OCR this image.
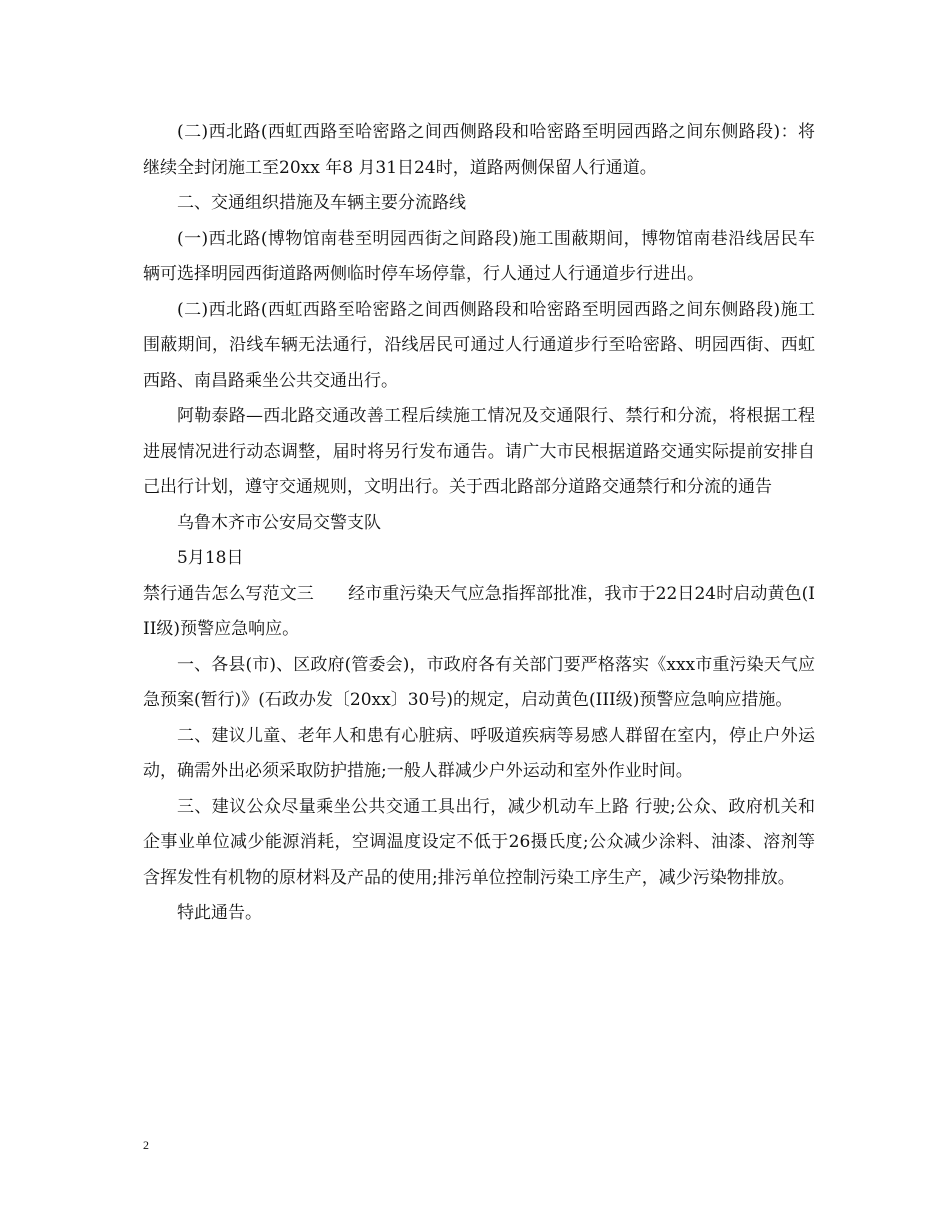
(二)西北路(西虹西路至哈密路之间西侧路段和哈密路至明园西路之间东侧路段)：将继续全封闭施工至20xx 年8 月31日24时，道路两侧保留人行通道。

二、交通组织措施及车辆主要分流路线

(一)西北路(博物馆南巷至明园西街之间路段)施工围蔽期间，博物馆南巷沿线居民车辆可选择明园西街道路两侧临时停车场停靠，行人通过人行通道步行进出。

(二)西北路(西虹西路至哈密路之间西侧路段和哈密路至明园西路之间东侧路段)施工围蔽期间，沿线车辆无法通行，沿线居民可通过人行通道步行至哈密路、明园西街、西虹西路、南昌路乘坐公共交通出行。

阿勒泰路—西北路交通改善工程后续施工情况及交通限行、禁行和分流，将根据工程进展情况进行动态调整，届时将另行发布通告。请广大市民根据道路交通实际提前安排自己出行计划，遵守交通规则，文明出行。关于西北路部分道路交通禁行和分流的通告

乌鲁木齐市公安局交警支队

5月18日

禁行通告怎么写范文三　　经市重污染天气应急指挥部批准，我市于22日24时启动黄色(III级)预警应急响应。

一、各县(市)、区政府(管委会)，市政府各有关部门要严格落实《xxx市重污染天气应急预案(暂行)》(石政办发〔20xx〕30号)的规定，启动黄色(III级)预警应急响应措施。

二、建议儿童、老年人和患有心脏病、呼吸道疾病等易感人群留在室内，停止户外运动，确需外出必须采取防护措施;一般人群减少户外运动和室外作业时间。

三、建议公众尽量乘坐公共交通工具出行，减少机动车上路 行驶;公众、政府机关和企事业单位减少能源消耗，空调温度设定不低于26摄氏度;公众减少涂料、油漆、溶剂等含挥发性有机物的原材料及产品的使用;排污单位控制污染工序生产，减少污染物排放。

特此通告。

2
